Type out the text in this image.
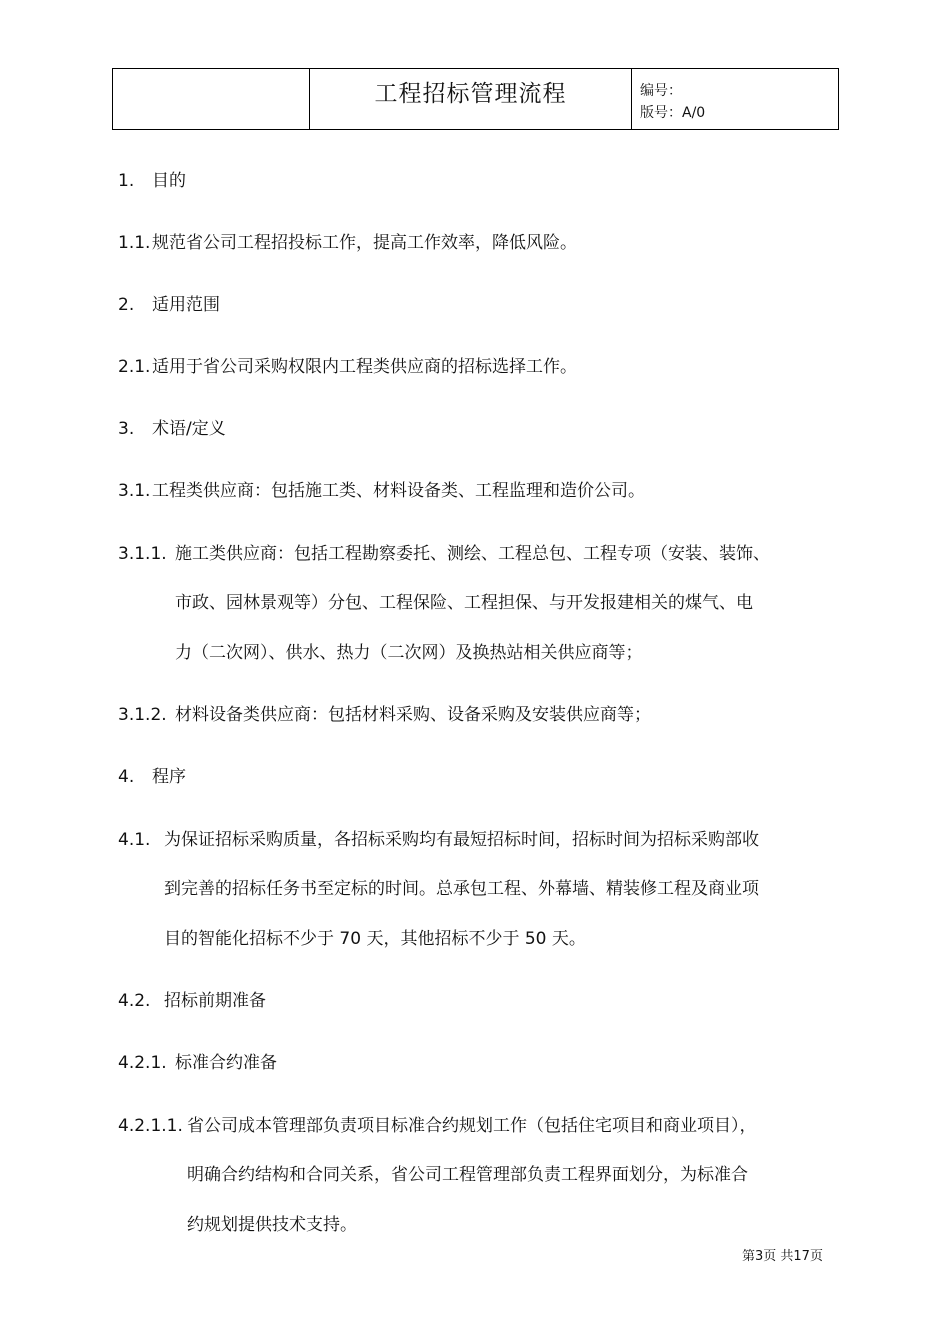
工程招标管理流程	编号：
版号：A/0
1. 目的
1.1.规范省公司工程招投标工作，提高工作效率，降低风险。
2. 适用范围
2.1.适用于省公司采购权限内工程类供应商的招标选择工作。
3. 术语/定义
3.1.工程类供应商：包括施工类、材料设备类、工程监理和造价公司。
3.1.1. 施工类供应商：包括工程勘察委托、测绘、工程总包、工程专项（安装、装饰、
市政、园林景观等）分包、工程保险、工程担保、与开发报建相关的煤气、电
力（二次网）、供水、热力（二次网）及换热站相关供应商等；
3.1.2. 材料设备类供应商：包括材料采购、设备采购及安装供应商等；
4. 程序
4.1. 为保证招标采购质量，各招标采购均有最短招标时间，招标时间为招标采购部收
到完善的招标任务书至定标的时间。总承包工程、外幕墙、精装修工程及商业项
目的智能化招标不少于 70 天，其他招标不少于 50 天。
4.2. 招标前期准备
4.2.1. 标准合约准备
4.2.1.1. 省公司成本管理部负责项目标准合约规划工作（包括住宅项目和商业项目），
明确合约结构和合同关系，省公司工程管理部负责工程界面划分，为标准合
约规划提供技术支持。
第3页 共17页
